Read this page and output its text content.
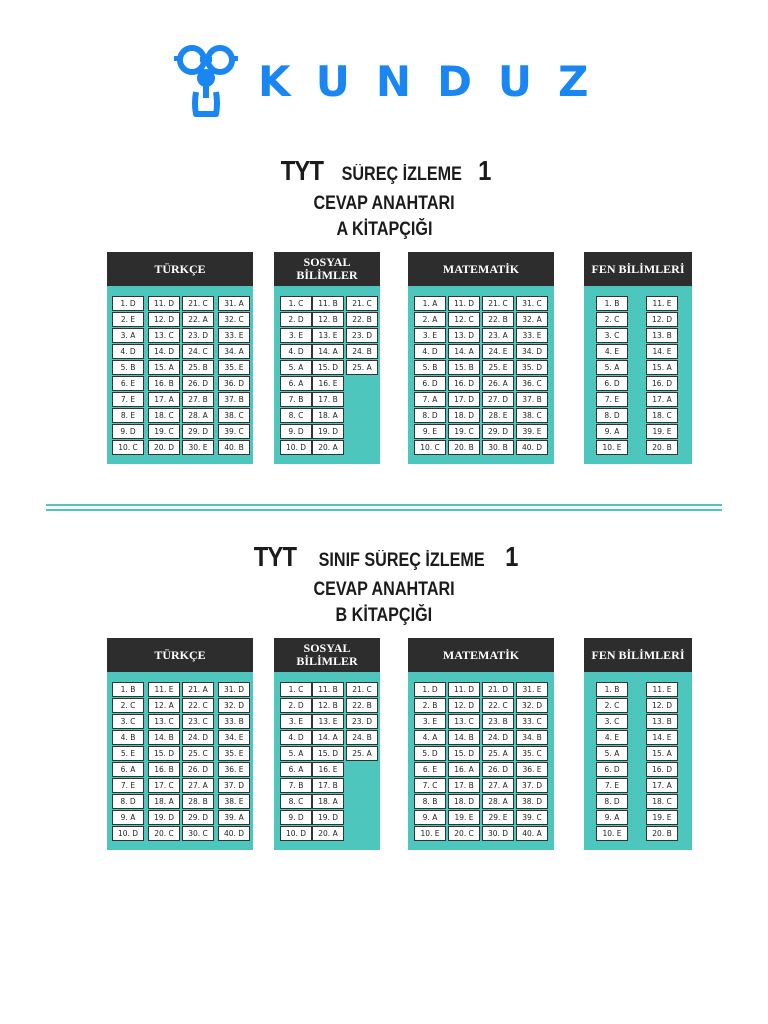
KUNDUZ
TYT SÜREÇ İZLEME 1
CEVAP ANAHTARI
A KİTAPÇIĞI
TÜRKÇE
1. D
2. E
3. A
4. D
5. B
6. E
7. E
8. E
9. D
10. C
11. D
12. D
13. C
14. D
15. A
16. B
17. A
18. C
19. C
20. D
21. C
22. A
23. D
24. C
25. B
26. D
27. B
28. A
29. D
30. E
31. A
32. C
33. E
34. A
35. E
36. D
37. B
38. C
39. C
40. B
SOSYAL BİLİMLER
1. C
2. D
3. E
4. D
5. A
6. A
7. B
8. C
9. D
10. D
11. B
12. B
13. E
14. A
15. D
16. E
17. B
18. A
19. D
20. A
21. C
22. B
23. D
24. B
25. A
MATEMATİK
1. A
2. A
3. E
4. D
5. B
6. D
7. A
8. D
9. E
10. C
11. D
12. C
13. D
14. A
15. B
16. D
17. D
18. D
19. C
20. B
21. C
22. B
23. A
24. E
25. E
26. A
27. D
28. E
29. D
30. B
31. C
32. A
33. E
34. D
35. D
36. C
37. B
38. C
39. E
40. D
FEN BİLİMLERİ
1. B
2. C
3. C
4. E
5. A
6. D
7. E
8. D
9. A
10. E
11. E
12. D
13. B
14. E
15. A
16. D
17. A
18. C
19. E
20. B
TYT SINIF SÜREÇ İZLEME 1
CEVAP ANAHTARI
B KİTAPÇIĞI
TÜRKÇE
1. B
2. C
3. C
4. B
5. E
6. A
7. E
8. D
9. A
10. D
11. E
12. A
13. C
14. B
15. D
16. B
17. C
18. A
19. D
20. C
21. A
22. C
23. C
24. D
25. C
26. D
27. A
28. B
29. D
30. C
31. D
32. D
33. B
34. E
35. E
36. E
37. D
38. E
39. A
40. D
SOSYAL BİLİMLER
1. C
2. D
3. E
4. D
5. A
6. A
7. B
8. C
9. D
10. D
11. B
12. B
13. E
14. A
15. D
16. E
17. B
18. A
19. D
20. A
21. C
22. B
23. D
24. B
25. A
MATEMATİK
1. D
2. B
3. E
4. A
5. D
6. E
7. C
8. B
9. A
10. E
11. D
12. D
13. C
14. B
15. D
16. A
17. B
18. D
19. E
20. C
21. D
22. C
23. B
24. D
25. A
26. D
27. A
28. A
29. E
30. D
31. E
32. D
33. C
34. B
35. C
36. E
37. D
38. D
39. C
40. A
FEN BİLİMLERİ
1. B
2. C
3. C
4. E
5. A
6. D
7. E
8. D
9. A
10. E
11. E
12. D
13. B
14. E
15. A
16. D
17. A
18. C
19. E
20. B
